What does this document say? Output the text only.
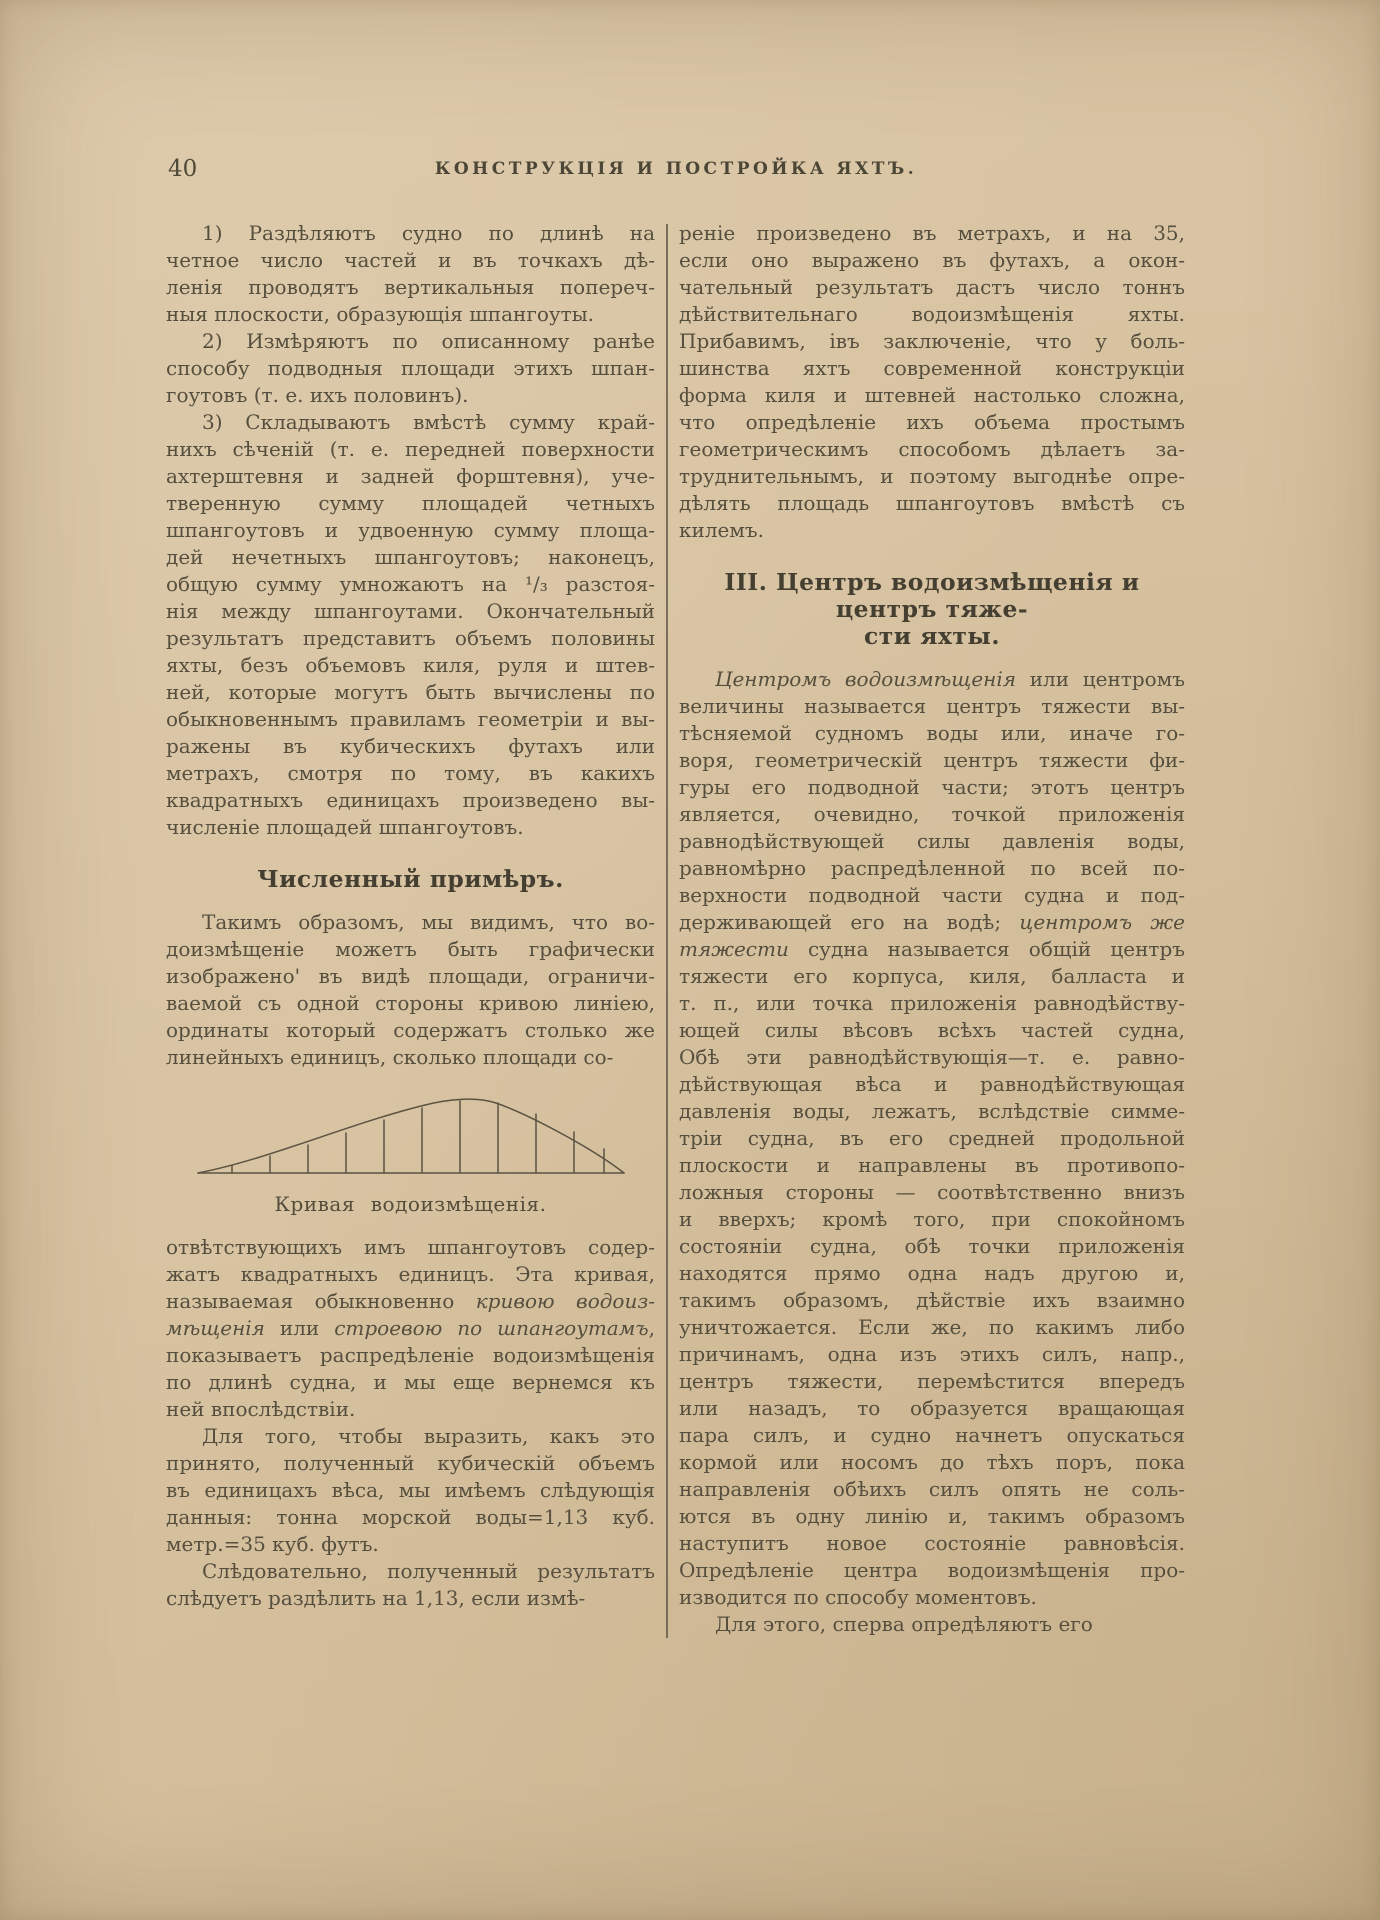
40	КОНСТРУКЦІЯ И ПОСТРОЙКА ЯХТЪ.

1) Раздѣляютъ судно по длинѣ на
четное число частей и въ точкахъ дѣ-
ленія проводятъ вертикальныя попереч-
ныя плоскости, образующія шпангоуты.

2) Измѣряютъ по описанному ранѣе
способу подводныя площади этихъ шпан-
гоутовъ (т. е. ихъ половинъ).

3) Складываютъ вмѣстѣ сумму край-
нихъ сѣченій (т. е. передней поверхности
ахтерштевня и задней форштевня), уче-
тверенную сумму площадей четныхъ
шпангоутовъ и удвоенную сумму площа-
дей нечетныхъ шпангоутовъ; наконецъ,
общую сумму умножаютъ на ¹/₃ разстоя-
нія между шпангоутами. Окончательный
результатъ представитъ объемъ половины
яхты, безъ объемовъ киля, руля и штев-
ней, которые могутъ быть вычислены по
обыкновеннымъ правиламъ геометріи и вы-
ражены въ кубическихъ футахъ или
метрахъ, смотря по тому, въ какихъ
квадратныхъ единицахъ произведено вы-
численіе площадей шпангоутовъ.

Численный примѣръ.

Такимъ образомъ, мы видимъ, что во-
доизмѣщеніе можетъ быть графически
изображено' въ видѣ площади, ограничи-
ваемой съ одной стороны кривою линіею,
ординаты который содержатъ столько же
линейныхъ единицъ, сколько площади со-

Кривая водоизмѣщенія.

отвѣтствующихъ имъ шпангоутовъ содер-
жатъ квадратныхъ единицъ. Эта кривая,
называемая обыкновенно кривою водоиз-
мѣщенія или строевою по шпангоутамъ,
показываетъ распредѣленіе водоизмѣщенія
по длинѣ судна, и мы еще вернемся къ
ней впослѣдствіи.

Для того, чтобы выразить, какъ это
принято, полученный кубическій объемъ
въ единицахъ вѣса, мы имѣемъ слѣдующія
данныя: тонна морской воды=1,13 куб.
метр.=35 куб. футъ.

Слѣдовательно, полученный результатъ
слѣдуетъ раздѣлить на 1,13, если измѣ-

реніе произведено въ метрахъ, и на 35,
если оно выражено въ футахъ, а окон-
чательный результатъ дастъ число тоннъ
дѣйствительнаго водоизмѣщенія яхты.
Прибавимъ, івъ заключеніе, что у боль-
шинства яхтъ современной конструкціи
форма киля и штевней настолько сложна,
что опредѣленіе ихъ объема простымъ
геометрическимъ способомъ дѣлаетъ за-
труднительнымъ, и поэтому выгоднѣе опре-
дѣлять площадь шпангоутовъ вмѣстѣ съ
килемъ.

III. Центръ водоизмѣщенія и центръ тяже-
сти яхты.

Центромъ водоизмѣщенія или центромъ
величины называется центръ тяжести вы-
тѣсняемой судномъ воды или, иначе го-
воря, геометрическій центръ тяжести фи-
гуры его подводной части; этотъ центръ
является, очевидно, точкой приложенія
равнодѣйствующей силы давленія воды,
равномѣрно распредѣленной по всей по-
верхности подводной части судна и под-
держивающей его на водѣ; центромъ же
тяжести судна называется общій центръ
тяжести его корпуса, киля, балласта и
т. п., или точка приложенія равнодѣйству-
ющей силы вѣсовъ всѣхъ частей судна,
Обѣ эти равнодѣйствующія—т. е. равно-
дѣйствующая вѣса и равнодѣйствующая
давленія воды, лежатъ, вслѣдствіе симме-
тріи судна, въ его средней продольной
плоскости и направлены въ противопо-
ложныя стороны — соотвѣтственно внизъ
и вверхъ; кромѣ того, при спокойномъ
состояніи судна, обѣ точки приложенія
находятся прямо одна надъ другою и,
такимъ образомъ, дѣйствіе ихъ взаимно
уничтожается. Если же, по какимъ либо
причинамъ, одна изъ этихъ силъ, напр.,
центръ тяжести, перемѣстится впередъ
или назадъ, то образуется вращающая
пара силъ, и судно начнетъ опускаться
кормой или носомъ до тѣхъ поръ, пока
направленія обѣихъ силъ опять не соль-
ются въ одну линію и, такимъ образомъ
наступитъ новое состояніе равновѣсія.
Опредѣленіе центра водоизмѣщенія про-
изводится по способу моментовъ.

Для этого, сперва опредѣляютъ его
